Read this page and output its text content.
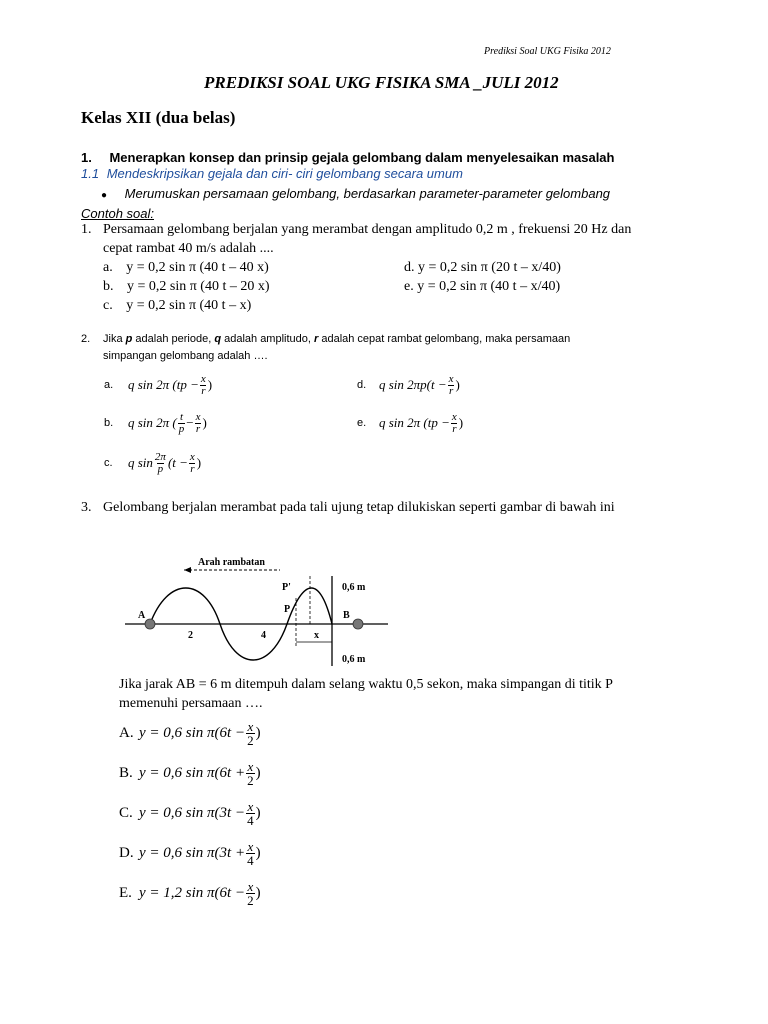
Prediksi Soal UKG Fisika 2012
PREDIKSI SOAL UKG FISIKA SMA _JULI 2012
Kelas XII (dua belas)
1. Menerapkan konsep dan prinsip gejala gelombang dalam menyelesaikan masalah
1.1 Mendeskripsikan gejala dan ciri- ciri gelombang secara umum
● Merumuskan persamaan gelombang, berdasarkan parameter-parameter gelombang
Contoh soal:
1. Persamaan gelombang berjalan yang merambat dengan amplitudo 0,2 m , frekuensi 20 Hz dan
cepat rambat 40 m/s adalah ....
a. y = 0,2 sin π (40 t – 40 x)
b. y = 0,2 sin π (40 t – 20 x)
c. y = 0,2 sin π (40 t – x)
d. y = 0,2 sin π (20 t – x/40)
e. y = 0,2 sin π (40 t – x/40)
2. Jika p adalah periode, q adalah amplitudo, r adalah cepat rambat gelombang, maka persamaan
simpangan gelombang adalah ….
a.	q sin 2π ($tp - \frac{x}{r}$ )
b.	q sin 2π ( $\frac{t}{p} - \frac{x}{r}$ )
c.	q $\sin \frac{2\pi}{p} (t - \frac{x}{r}$ )
d. q $\sin 2\pi p(t - \frac{x}{r}$ )
e. q sin 2π ($tp - \frac{x}{r}$ )
3. Gelombang berjalan merambat pada tali ujung tetap dilukiskan seperti gambar di bawah ini
Arah rambatan
A	B
P
P'
2	4	x
0,6 m
0,6 m
Jika jarak AB = 6 m ditempuh dalam selang waktu 0,5 sekon, maka simpangan di titik P
memenuhi persamaan ….
A. y = 0,6 $\sin \pi(6t - \frac{x}{2}$ )
B. y = 0,6 $\sin \pi(6t + \frac{x}{2}$ )
C. y = 0,6 $\sin \pi(3t - \frac{x}{4}$ )
D. y = 0,6 $\sin \pi(3t + \frac{x}{4}$ )
E. y = 1,2 $\sin \pi(6t - \frac{x}{2}$ )
